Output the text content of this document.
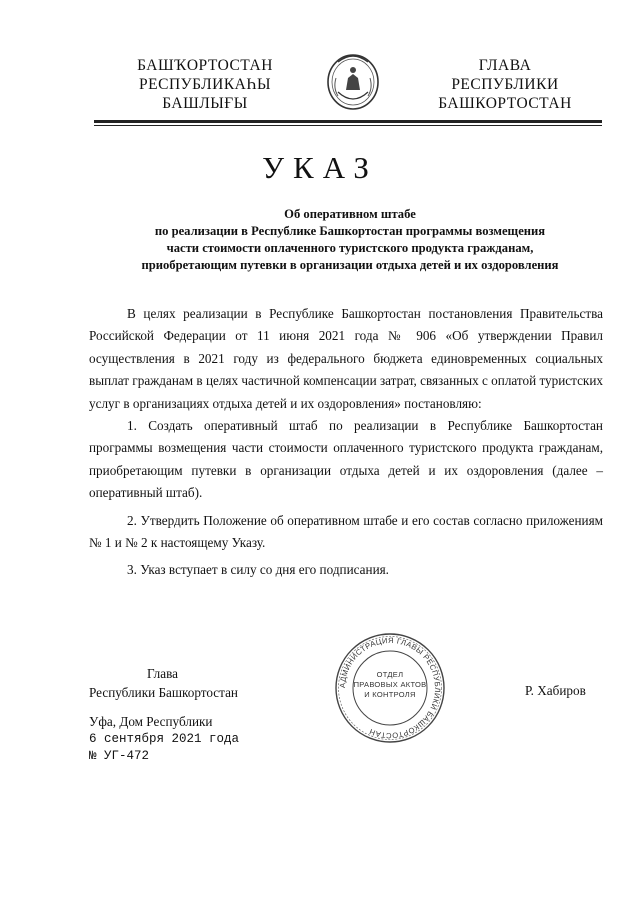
БАШҠОРТОСТАН
РЕСПУБЛИКАҺЫ
БАШЛЫҒЫ
ГЛАВА
РЕСПУБЛИКИ
БАШКОРТОСТАН
УКАЗ
Об оперативном штабе
по реализации в Республике Башкортостан программы возмещения
части стоимости оплаченного туристского продукта гражданам,
приобретающим путевки в организации отдыха детей и их оздоровления

В целях реализации в Республике Башкортостан постановления Правительства Российской Федерации от 11 июня 2021 года № 906 «Об утверждении Правил осуществления в 2021 году из федерального бюджета единовременных социальных выплат гражданам в целях частичной компенсации затрат, связанных с оплатой туристских услуг в организациях отдыха детей и их оздоровления» постановляю:

1. Создать оперативный штаб по реализации в Республике Башкортостан программы возмещения части стоимости оплаченного туристского продукта гражданам, приобретающим путевки в организации отдыха детей и их оздоровления (далее – оперативный штаб).

2. Утвердить Положение об оперативном штабе и его состав согласно приложениям № 1 и № 2 к настоящему Указу.

3. Указ вступает в силу со дня его подписания.

АДМИНИСТРАЦИЯ ГЛАВЫ РЕСПУБЛИКИ БАШКОРТОСТАН
ОТДЕЛ
ПРАВОВЫХ АКТОВ
И КОНТРОЛЯ
Глава
Республики Башкортостан	Р. Хабиров
Уфа, Дом Республики
6 сентября 2021 года
№ УГ-472
